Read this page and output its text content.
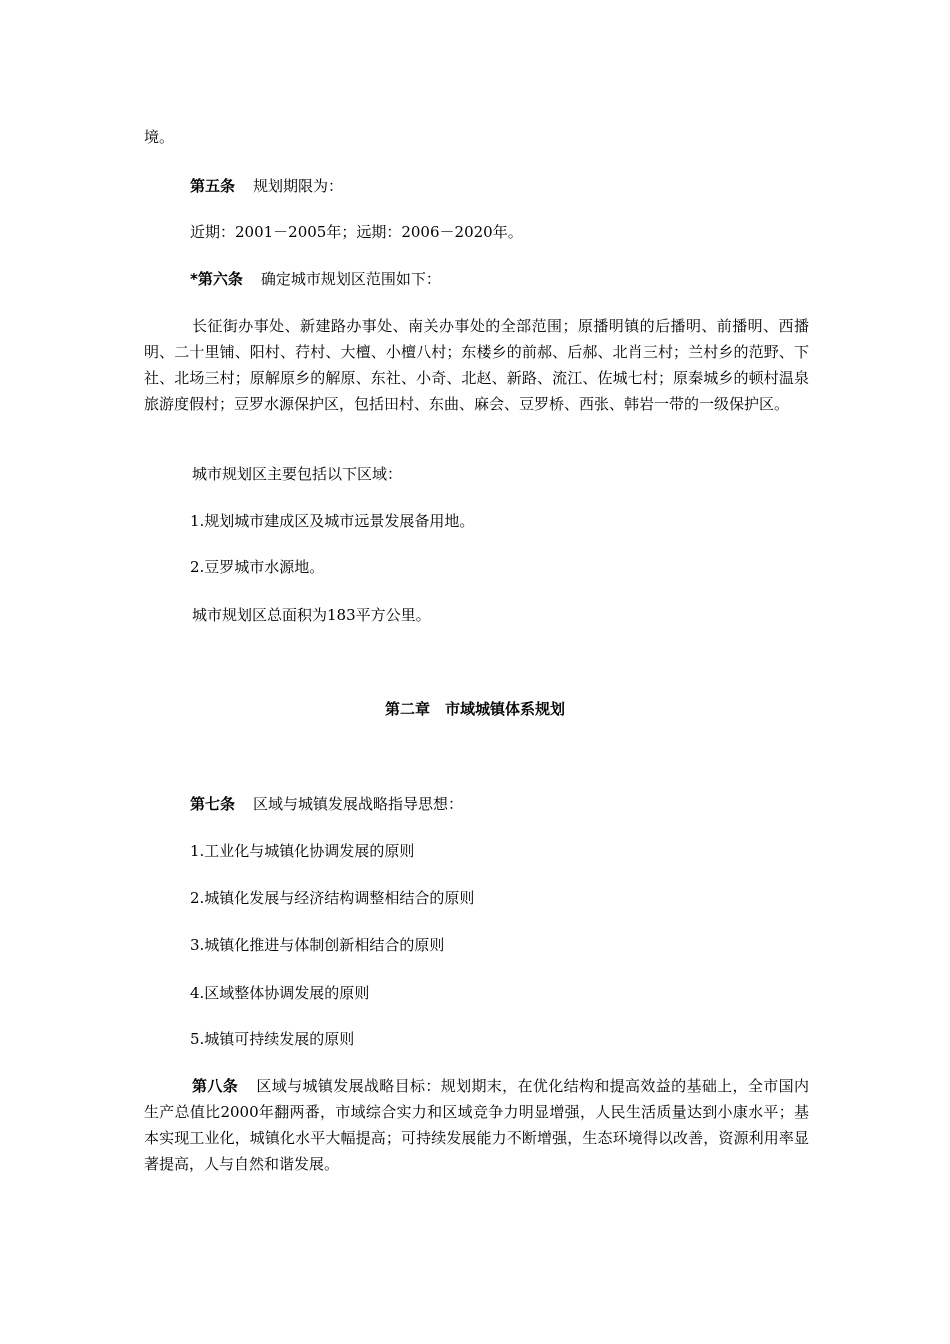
境。
第五条 规划期限为：
近期：2001－2005年；远期：2006－2020年。
*第六条 确定城市规划区范围如下：
长征街办事处、新建路办事处、南关办事处的全部范围；原播明镇的后播明、前播明、西播明、二十里铺、阳村、荇村、大檀、小檀八村；东楼乡的前郝、后郝、北肖三村；兰村乡的范野、下社、北场三村；原解原乡的解原、东社、小奇、北赵、新路、流江、佐城七村；原秦城乡的顿村温泉旅游度假村；豆罗水源保护区，包括田村、东曲、麻会、豆罗桥、西张、韩岩一带的一级保护区。
城市规划区主要包括以下区域：
1.规划城市建成区及城市远景发展备用地。
2.豆罗城市水源地。
城市规划区总面积为183平方公里。
第二章　市域城镇体系规划
第七条 区域与城镇发展战略指导思想：
1.工业化与城镇化协调发展的原则
2.城镇化发展与经济结构调整相结合的原则
3.城镇化推进与体制创新相结合的原则
4.区域整体协调发展的原则
5.城镇可持续发展的原则
第八条 区域与城镇发展战略目标：规划期末，在优化结构和提高效益的基础上，全市国内生产总值比2000年翻两番，市域综合实力和区域竞争力明显增强，人民生活质量达到小康水平；基本实现工业化，城镇化水平大幅提高；可持续发展能力不断增强，生态环境得以改善，资源利用率显著提高，人与自然和谐发展。
